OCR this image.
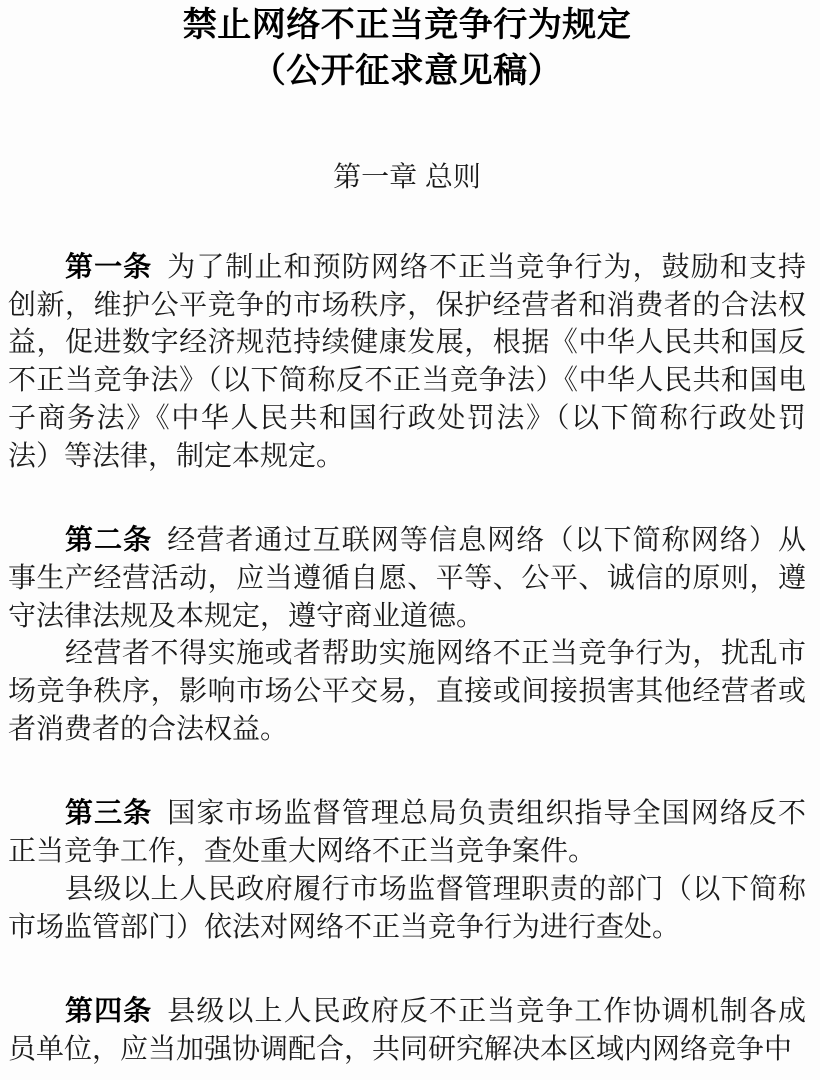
禁止网络不正当竞争行为规定
（公开征求意见稿）
第一章 总则

第一条 为了制止和预防网络不正当竞争行为，鼓励和支持创新，维护公平竞争的市场秩序，保护经营者和消费者的合法权益，促进数字经济规范持续健康发展，根据《中华人民共和国反不正当竞争法》（以下简称反不正当竞争法）《中华人民共和国电子商务法》《中华人民共和国行政处罚法》（以下简称行政处罚法）等法律，制定本规定。

第二条 经营者通过互联网等信息网络（以下简称网络）从事生产经营活动，应当遵循自愿、平等、公平、诚信的原则，遵守法律法规及本规定，遵守商业道德。

经营者不得实施或者帮助实施网络不正当竞争行为，扰乱市场竞争秩序，影响市场公平交易，直接或间接损害其他经营者或者消费者的合法权益。

第三条 国家市场监督管理总局负责组织指导全国网络反不正当竞争工作，查处重大网络不正当竞争案件。

县级以上人民政府履行市场监督管理职责的部门（以下简称市场监管部门）依法对网络不正当竞争行为进行查处。

第四条 县级以上人民政府反不正当竞争工作协调机制各成员单位，应当加强协调配合，共同研究解决本区域内网络竞争中
